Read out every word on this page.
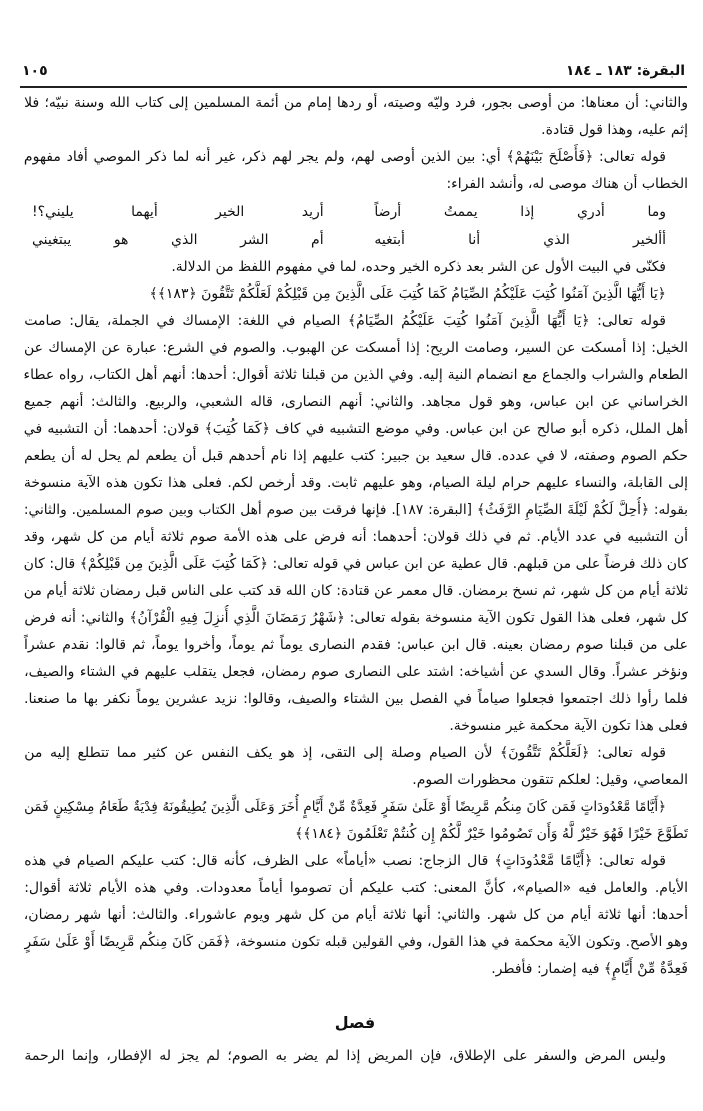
البقرة: ١٨٣ ـ ١٨٤
١٠٥
والثاني: أن معناها: من أوصى بجور، فرد وليّه وصيته، أو ردها إمام من أئمة المسلمين إلى كتاب الله وسنة نبيّه؛ فلا
إثم عليه، وهذا قول قتادة.
قوله تعالى: ﴿فَأَصْلَحَ بَيْنَهُمْ﴾ أي: بين الذين أوصى لهم، ولم يجر لهم ذكر، غير أنه لما ذكر الموصي أفاد مفهوم
الخطاب أن هناك موصى له، وأنشد الفراء:
وما أدري إذا يممتُ أرضاً
أريد الخير أيهما يليني؟!
أألخير الذي أنا أبتغيه
أم الشر الذي هو يبتغيني
فكنّى في البيت الأول عن الشر بعد ذكره الخير وحده، لما في مفهوم اللفظ من الدلالة.
﴿يَا أَيُّهَا الَّذِينَ آمَنُوا كُتِبَ عَلَيْكُمُ الصِّيَامُ كَمَا كُتِبَ عَلَى الَّذِينَ مِن قَبْلِكُمْ لَعَلَّكُمْ تَتَّقُونَ ﴿١٨٣﴾﴾
قوله تعالى: ﴿يَا أَيُّهَا الَّذِينَ آمَنُوا كُتِبَ عَلَيْكُمُ الصِّيَامُ﴾ الصيام في اللغة: الإمساك في الجملة، يقال: صامت
الخيل: إذا أمسكت عن السير، وصامت الريح: إذا أمسكت عن الهبوب. والصوم في الشرع: عبارة عن الإمساك عن
الطعام والشراب والجماع مع انضمام النية إليه. وفي الذين من قبلنا ثلاثة أقوال: أحدها: أنهم أهل الكتاب، رواه عطاء
الخراساني عن ابن عباس، وهو قول مجاهد. والثاني: أنهم النصارى، قاله الشعبي، والربيع. والثالث: أنهم جميع
أهل الملل، ذكره أبو صالح عن ابن عباس. وفي موضع التشبيه في كاف ﴿كَمَا كُتِبَ﴾ قولان: أحدهما: أن التشبيه في
حكم الصوم وصفته، لا في عدده. قال سعيد بن جبير: كتب عليهم إذا نام أحدهم قبل أن يطعم لم يحل له أن يطعم
إلى القابلة، والنساء عليهم حرام ليلة الصيام، وهو عليهم ثابت. وقد أرخص لكم. فعلى هذا تكون هذه الآية منسوخة
بقوله: ﴿أُحِلَّ لَكُمْ لَيْلَةَ الصِّيَامِ الرَّفَثُ﴾ [البقرة: ١٨٧]. فإنها فرقت بين صوم أهل الكتاب وبين صوم المسلمين. والثاني:
أن التشبيه في عدد الأيام. ثم في ذلك قولان: أحدهما: أنه فرض على هذه الأمة صوم ثلاثة أيام من كل شهر، وقد
كان ذلك فرضاً على من قبلهم. قال عطية عن ابن عباس في قوله تعالى: ﴿كَمَا كُتِبَ عَلَى الَّذِينَ مِن قَبْلِكُمْ﴾ قال: كان
ثلاثة أيام من كل شهر، ثم نسخ برمضان. قال معمر عن قتادة: كان الله قد كتب على الناس قبل رمضان ثلاثة أيام من
كل شهر، فعلى هذا القول تكون الآية منسوخة بقوله تعالى: ﴿شَهْرُ رَمَضَانَ الَّذِي أُنزِلَ فِيهِ الْقُرْآنُ﴾ والثاني: أنه فرض
على من قبلنا صوم رمضان بعينه. قال ابن عباس: فقدم النصارى يوماً ثم يوماً، وأخروا يوماً، ثم قالوا: نقدم عشراً
ونؤخر عشراً. وقال السدي عن أشياخه: اشتد على النصارى صوم رمضان، فجعل يتقلب عليهم في الشتاء والصيف،
فلما رأوا ذلك اجتمعوا فجعلوا صياماً في الفصل بين الشتاء والصيف، وقالوا: نزيد عشرين يوماً نكفر بها ما صنعنا.
فعلى هذا تكون الآية محكمة غير منسوخة.
قوله تعالى: ﴿لَعَلَّكُمْ تَتَّقُونَ﴾ لأن الصيام وصلة إلى التقى، إذ هو يكف النفس عن كثير مما تتطلع إليه من
المعاصي، وقيل: لعلكم تتقون محظورات الصوم.
﴿أَيَّامًا مَّعْدُودَاتٍ فَمَن كَانَ مِنكُم مَّرِيضًا أَوْ عَلَىٰ سَفَرٍ فَعِدَّةٌ مِّنْ أَيَّامٍ أُخَرَ وَعَلَى الَّذِينَ يُطِيقُونَهُ فِدْيَةٌ طَعَامُ مِسْكِينٍ فَمَن
تَطَوَّعَ خَيْرًا فَهُوَ خَيْرٌ لَّهُ وَأَن تَصُومُوا خَيْرٌ لَّكُمْ إِن كُنتُمْ تَعْلَمُونَ ﴿١٨٤﴾﴾
قوله تعالى: ﴿أَيَّامًا مَّعْدُودَاتٍ﴾ قال الزجاج: نصب «أياماً» على الظرف، كأنه قال: كتب عليكم الصيام في هذه
الأيام. والعامل فيه «الصيام»، كأنَّ المعنى: كتب عليكم أن تصوموا أياماً معدودات. وفي هذه الأيام ثلاثة أقوال:
أحدها: أنها ثلاثة أيام من كل شهر. والثاني: أنها ثلاثة أيام من كل شهر ويوم عاشوراء. والثالث: أنها شهر رمضان،
وهو الأصح. وتكون الآية محكمة في هذا القول، وفي القولين قبله تكون منسوخة، ﴿فَمَن كَانَ مِنكُم مَّرِيضًا أَوْ عَلَىٰ سَفَرٍ
فَعِدَّةٌ مِّنْ أَيَّامٍ﴾ فيه إضمار: فأفطر.
فصل
وليس المرض والسفر على الإطلاق، فإن المريض إذا لم يضر به الصوم؛ لم يجز له الإفطار، وإنما الرحمة
